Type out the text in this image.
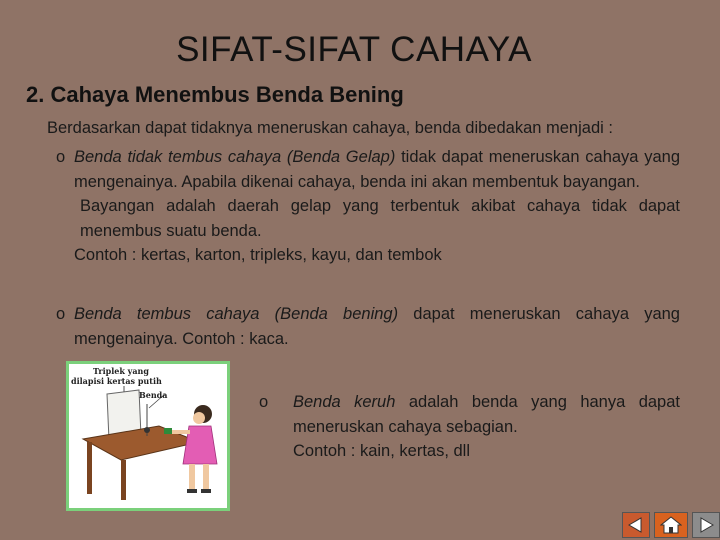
SIFAT-SIFAT CAHAYA
2. Cahaya Menembus Benda Bening
Berdasarkan dapat tidaknya meneruskan cahaya, benda dibedakan menjadi :
o Benda tidak tembus cahaya (Benda Gelap) tidak dapat meneruskan cahaya yang mengenainya. Apabila dikenai cahaya, benda ini akan membentuk bayangan.
Bayangan adalah daerah gelap yang terbentuk akibat cahaya tidak dapat menembus suatu benda.
Contoh : kertas, karton, tripleks, kayu, dan tembok
o Benda tembus cahaya (Benda bening) dapat meneruskan cahaya yang mengenainya. Contoh : kaca.
Triplek yang
dilapisi kertas putih
Benda	o Benda keruh adalah benda yang hanya dapat meneruskan cahaya sebagian.
Contoh : kain, kertas, dll
